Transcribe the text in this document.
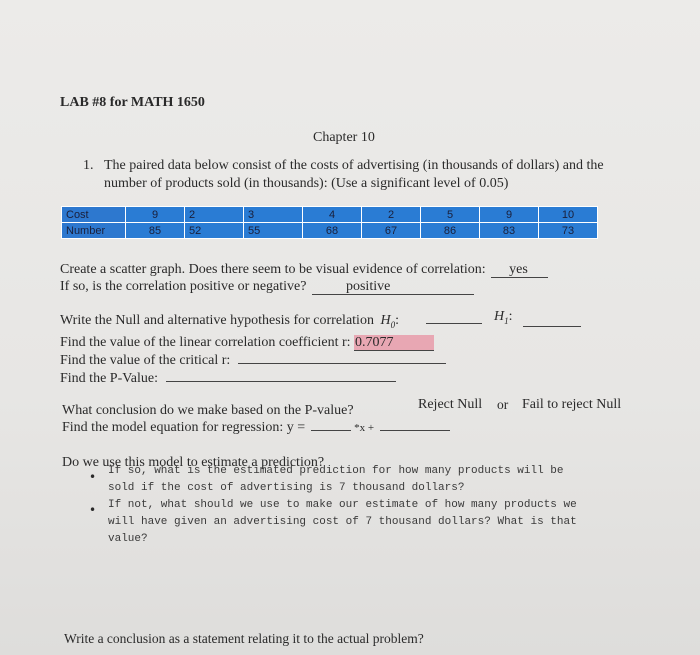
LAB #8 for MATH 1650
Chapter 10
1. The paired data below consist of the costs of advertising (in thousands of dollars) and the
number of products sold (in thousands): (Use a significant level of 0.05)
Cost	9	2	3	4	2	5	9	10
Number	85	52	55	68	67	86	83	73
Create a scatter graph. Does there seem to be visual evidence of correlation: yes
If so, is the correlation positive or negative?	positive
Write the Null and alternative hypothesis for correlation $H_0$:	$H_1$:
Find the value of the linear correlation coefficient r: 0.7077
Find the value of the critical r:
Find the P-Value:
What conclusion do we make based on the P-value?	Reject Null or Fail to reject Null
Find the model equation for regression: y =	*x +
Do we use this model to estimate a prediction?
• If so, what is the estimated prediction for how many products will be
sold if the cost of advertising is 7 thousand dollars?
• If not, what should we use to make our estimate of how many products we
will have given an advertising cost of 7 thousand dollars? What is that
value?
Write a conclusion as a statement relating it to the actual problem?
